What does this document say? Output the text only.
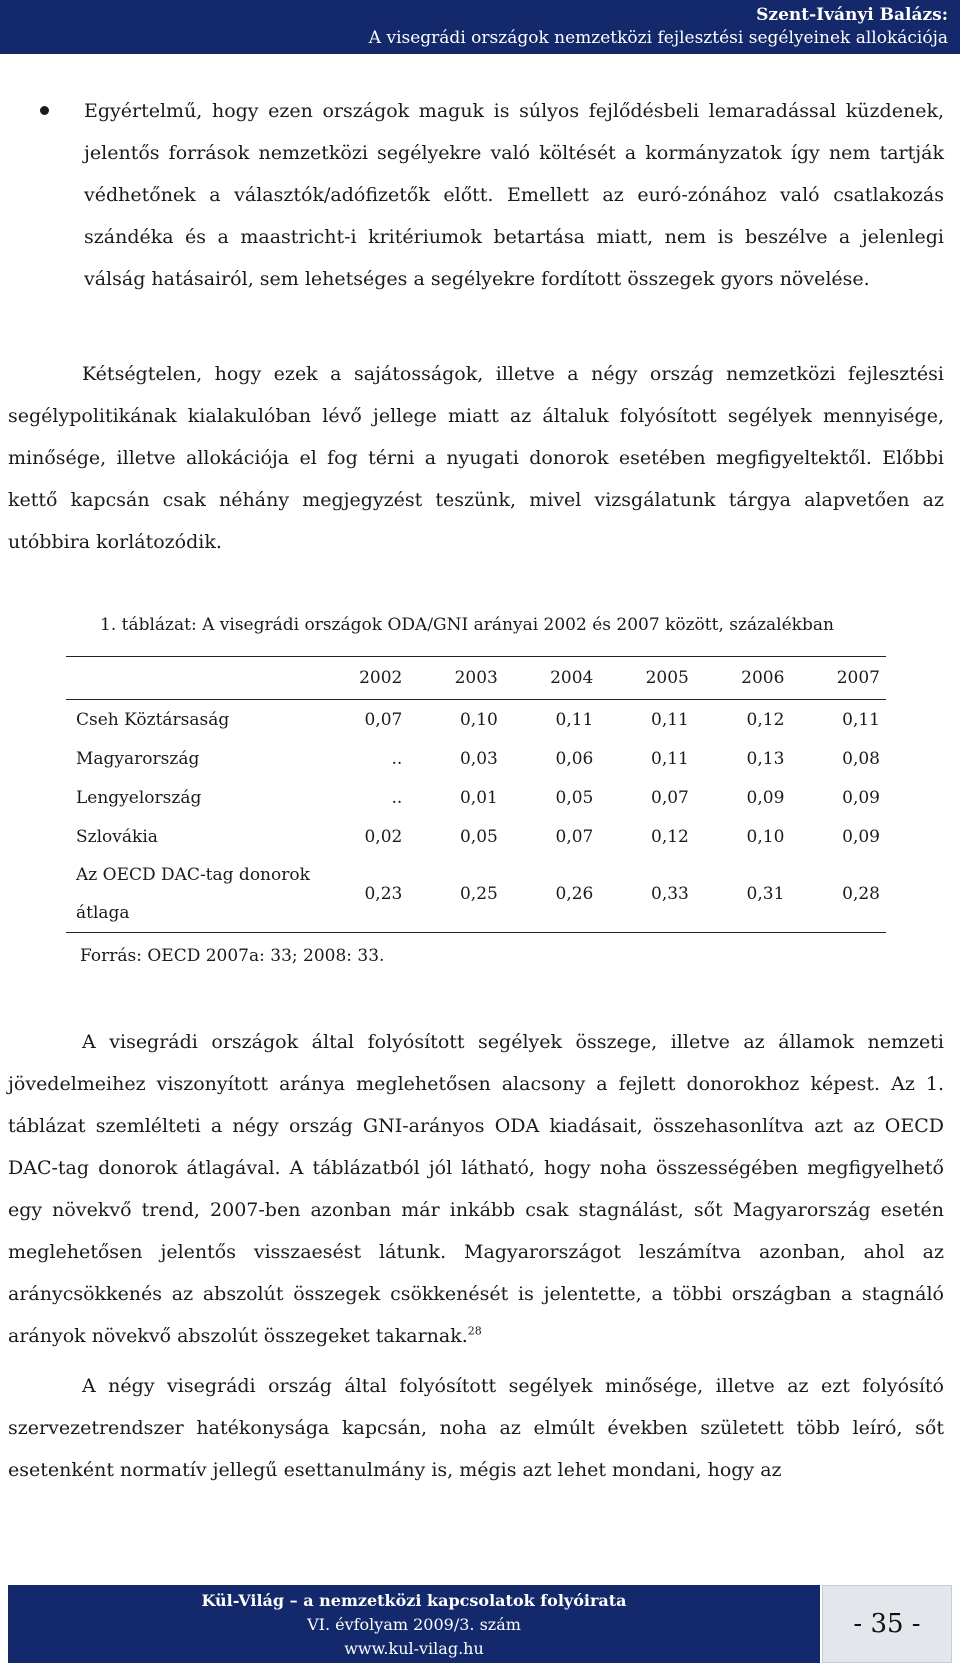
Szent-Iványi Balázs:
A visegrádi országok nemzetközi fejlesztési segélyeinek allokációja
Egyértelmű, hogy ezen országok maguk is súlyos fejlődésbeli lemaradással küzdenek, jelentős források nemzetközi segélyekre való költését a kormányzatok így nem tartják védhetőnek a választók/adófizetők előtt. Emellett az euró-zónához való csatlakozás szándéka és a maastricht-i kritériumok betartása miatt, nem is beszélve a jelenlegi válság hatásairól, sem lehetséges a segélyekre fordított összegek gyors növelése.
Kétségtelen, hogy ezek a sajátosságok, illetve a négy ország nemzetközi fejlesztési segélypolitikának kialakulóban lévő jellege miatt az általuk folyósított segélyek mennyisége, minősége, illetve allokációja el fog térni a nyugati donorok esetében megfigyeltektől. Előbbi kettő kapcsán csak néhány megjegyzést teszünk, mivel vizsgálatunk tárgya alapvetően az utóbbira korlátozódik.
1. táblázat: A visegrádi országok ODA/GNI arányai 2002 és 2007 között, százalékban
	2002	2003	2004	2005	2006	2007
Cseh Köztársaság	0,07	0,10	0,11	0,11	0,12	0,11
Magyarország	..	0,03	0,06	0,11	0,13	0,08
Lengyelország	..	0,01	0,05	0,07	0,09	0,09
Szlovákia	0,02	0,05	0,07	0,12	0,10	0,09
Az OECD DAC-tag donorok átlaga	0,23	0,25	0,26	0,33	0,31	0,28
Forrás: OECD 2007a: 33; 2008: 33.
A visegrádi országok által folyósított segélyek összege, illetve az államok nemzeti jövedelmeihez viszonyított aránya meglehetősen alacsony a fejlett donorokhoz képest. Az 1. táblázat szemlélteti a négy ország GNI-arányos ODA kiadásait, összehasonlítva azt az OECD DAC-tag donorok átlagával. A táblázatból jól látható, hogy noha összességében megfigyelhető egy növekvő trend, 2007-ben azonban már inkább csak stagnálást, sőt Magyarország esetén meglehetősen jelentős visszaesést látunk. Magyarországot leszámítva azonban, ahol az aránycsökkenés az abszolút összegek csökkenését is jelentette, a többi országban a stagnáló arányok növekvő abszolút összegeket takarnak.$^{28}$
A négy visegrádi ország által folyósított segélyek minősége, illetve az ezt folyósító szervezetrendszer hatékonysága kapcsán, noha az elmúlt években született több leíró, sőt esetenként normatív jellegű esettanulmány is, mégis azt lehet mondani, hogy az
Kül-Világ – a nemzetközi kapcsolatok folyóirata
VI. évfolyam 2009/3. szám
www.kul-vilag.hu
- 35 -
